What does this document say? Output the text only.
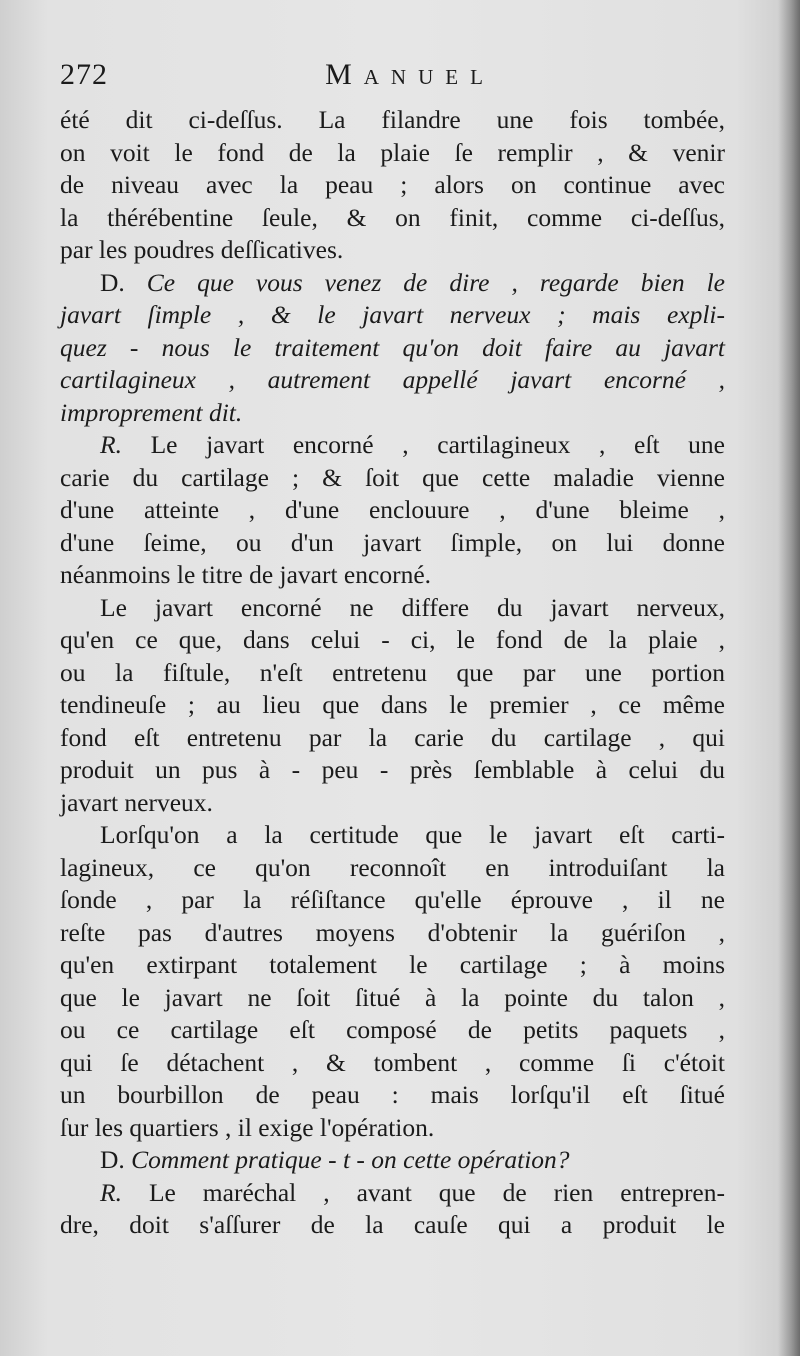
272	Manuel
été dit ci-deſſus. La filandre une fois tombée,
on voit le fond de la plaie ſe remplir , & venir
de niveau avec la peau ; alors on continue avec
la thérébentine ſeule, & on finit, comme ci-deſſus,
par les poudres deſſicatives.
D. Ce que vous venez de dire , regarde bien le
javart ſimple , & le javart nerveux ; mais expli-
quez - nous le traitement qu'on doit faire au javart
cartilagineux , autrement appellé javart encorné ,
improprement dit.
R. Le javart encorné , cartilagineux , eſt une
carie du cartilage ; & ſoit que cette maladie vienne
d'une atteinte , d'une enclouure , d'une bleime ,
d'une ſeime, ou d'un javart ſimple, on lui donne
néanmoins le titre de javart encorné.
Le javart encorné ne differe du javart nerveux,
qu'en ce que, dans celui - ci, le fond de la plaie ,
ou la fiſtule, n'eſt entretenu que par une portion
tendineuſe ; au lieu que dans le premier , ce même
fond eſt entretenu par la carie du cartilage , qui
produit un pus à - peu - près ſemblable à celui du
javart nerveux.
Lorſqu'on a la certitude que le javart eſt carti-
lagineux, ce qu'on reconnoît en introduiſant la
ſonde , par la réſiſtance qu'elle éprouve , il ne
reſte pas d'autres moyens d'obtenir la guériſon ,
qu'en extirpant totalement le cartilage ; à moins
que le javart ne ſoit ſitué à la pointe du talon ,
ou ce cartilage eſt composé de petits paquets ,
qui ſe détachent , & tombent , comme ſi c'étoit
un bourbillon de peau : mais lorſqu'il eſt ſitué
ſur les quartiers , il exige l'opération.
D. Comment pratique - t - on cette opération?
R. Le maréchal , avant que de rien entrepren-
dre, doit s'aſſurer de la cauſe qui a produit le
